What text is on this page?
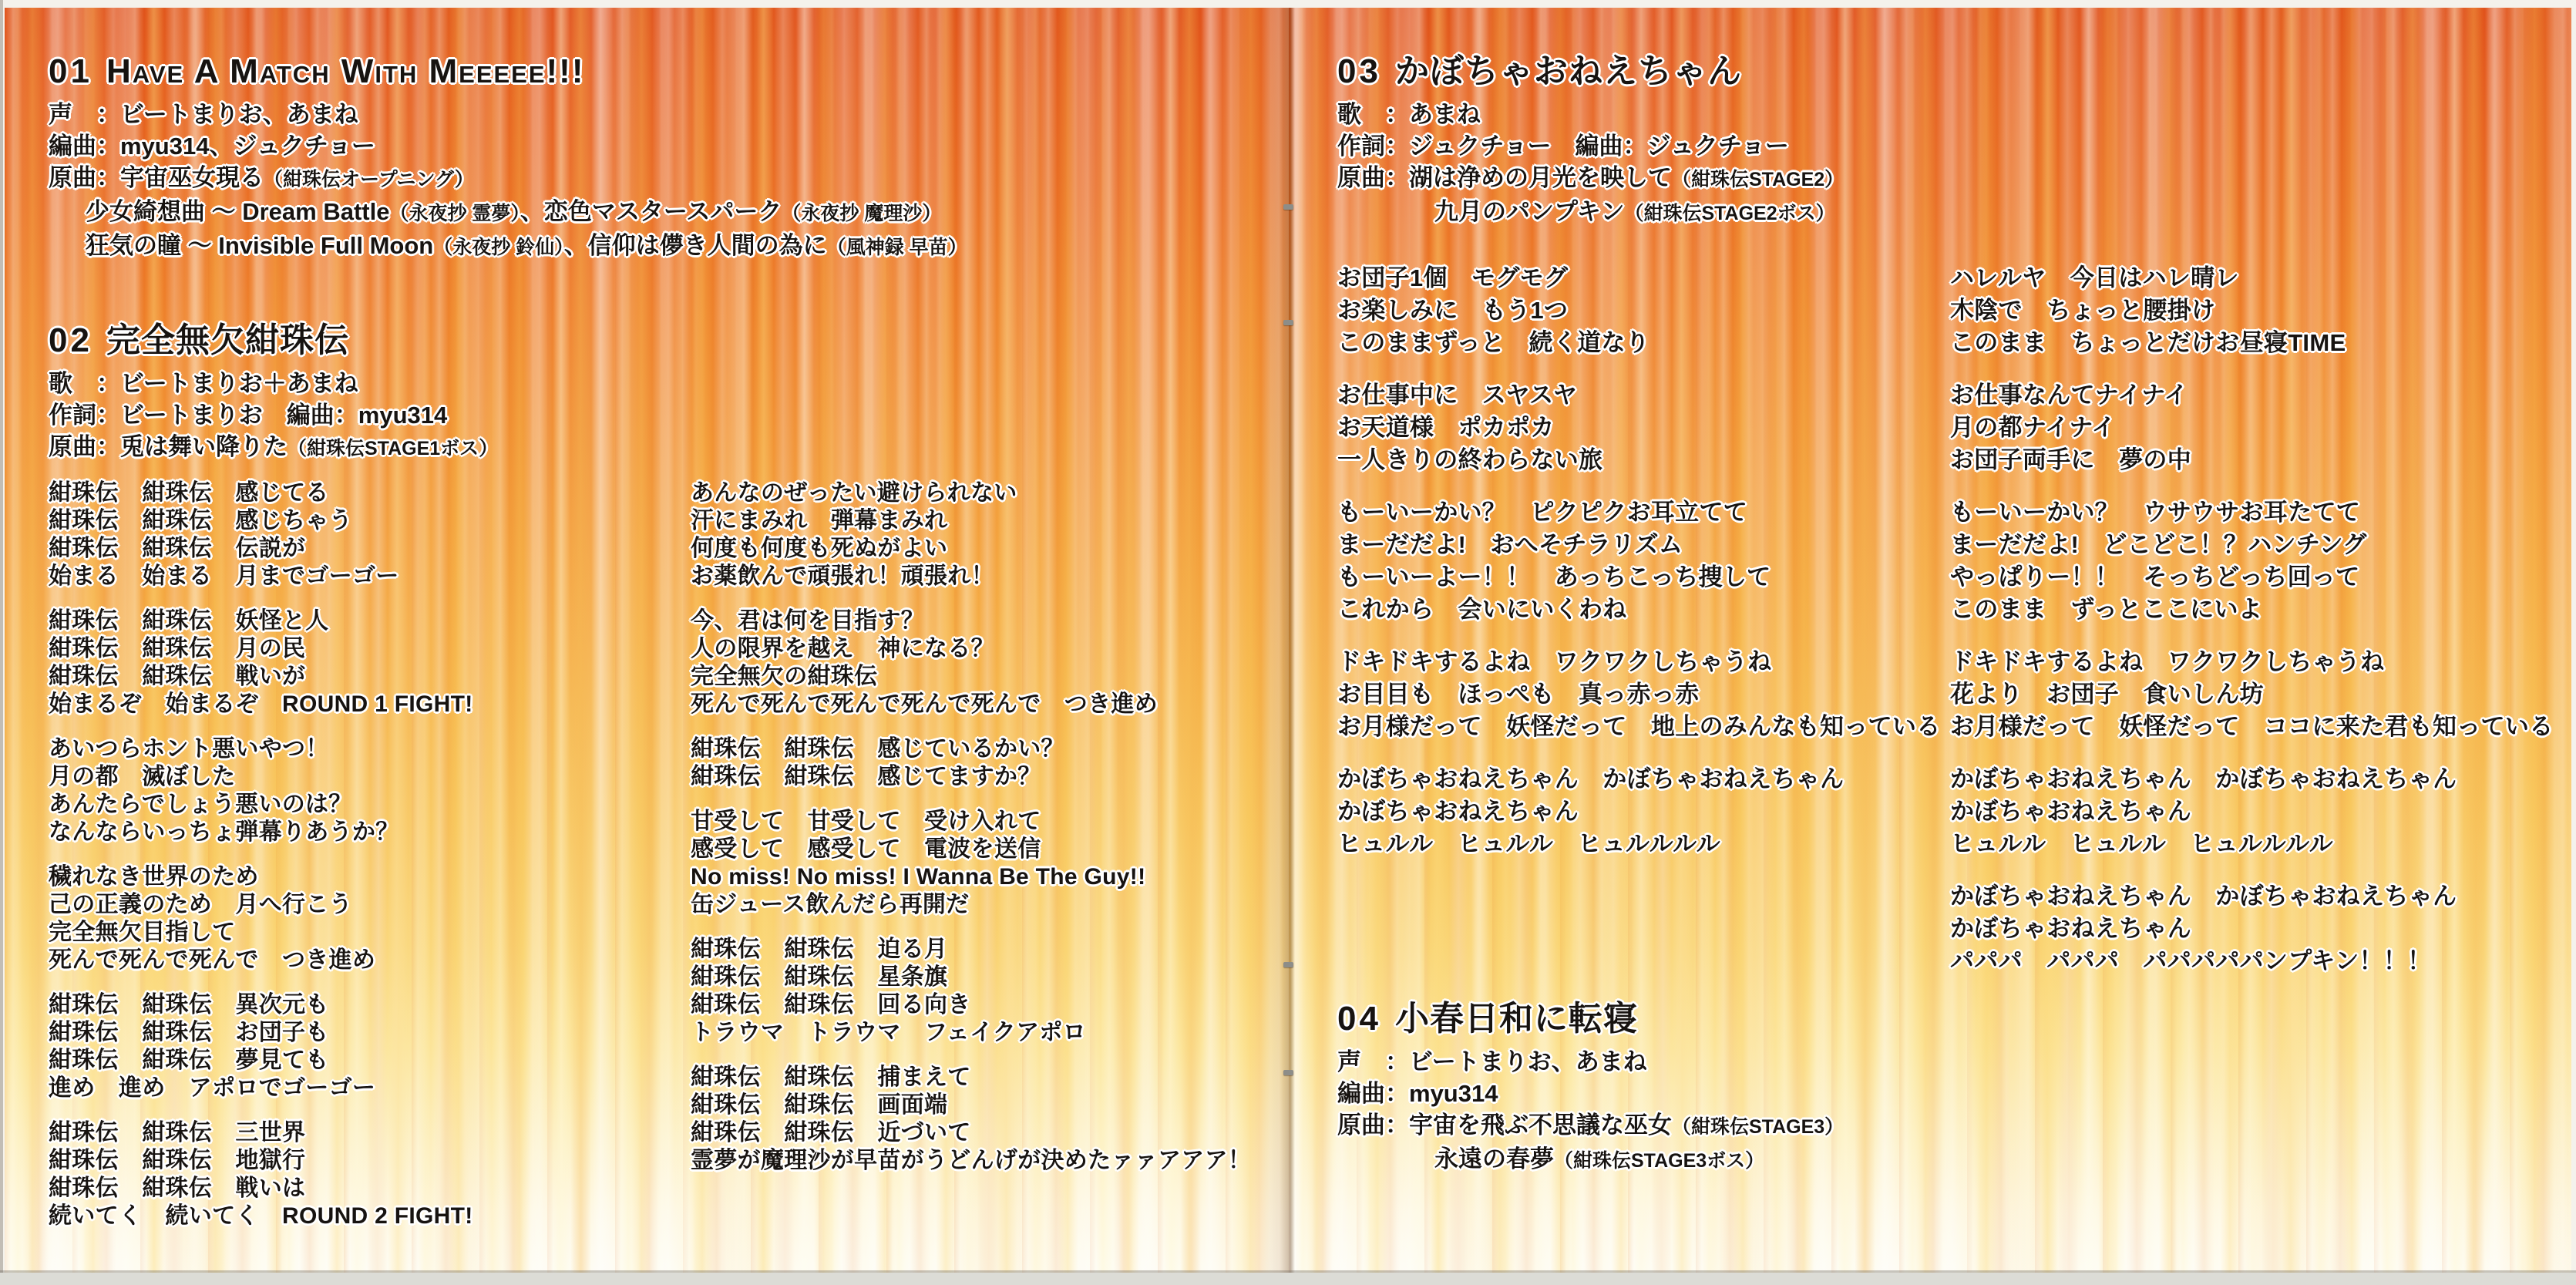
01 Have A Match With Meeeee!!!
声　：ビートまりお、あまね
編曲：myu314、ジュクチョー
原曲：宇宙巫女現る（紺珠伝オープニング）
少女綺想曲 ～ Dream Battle（永夜抄 霊夢）、恋色マスタースパーク（永夜抄 魔理沙）
狂気の瞳 ～ Invisible Full Moon（永夜抄 鈴仙）、信仰は儚き人間の為に（風神録 早苗）
02 完全無欠紺珠伝
歌　：ビートまりお＋あまね
作詞：ビートまりお　編曲：myu314
原曲：兎は舞い降りた（紺珠伝STAGE1ボス）
紺珠伝　紺珠伝　感じてる
紺珠伝　紺珠伝　感じちゃう
紺珠伝　紺珠伝　伝説が
始まる　始まる　月までゴーゴー
紺珠伝　紺珠伝　妖怪と人
紺珠伝　紺珠伝　月の民
紺珠伝　紺珠伝　戦いが
始まるぞ　始まるぞ　ROUND 1 FIGHT!
あいつらホント悪いやつ！
月の都　滅ぼした
あんたらでしょう悪いのは？
なんならいっちょ弾幕りあうか？
穢れなき世界のため
己の正義のため　月へ行こう
完全無欠目指して
死んで死んで死んで　つき進め
紺珠伝　紺珠伝　異次元も
紺珠伝　紺珠伝　お団子も
紺珠伝　紺珠伝　夢見ても
進め　進め　アポロでゴーゴー
紺珠伝　紺珠伝　三世界
紺珠伝　紺珠伝　地獄行
紺珠伝　紺珠伝　戦いは
続いてく　続いてく　ROUND 2 FIGHT!
あんなのぜったい避けられない
汗にまみれ　弾幕まみれ
何度も何度も死ぬがよい
お薬飲んで頑張れ！頑張れ！
今、君は何を目指す？
人の限界を越え　神になる？
完全無欠の紺珠伝
死んで死んで死んで死んで死んで　つき進め
紺珠伝　紺珠伝　感じているかい？
紺珠伝　紺珠伝　感じてますか？
甘受して　甘受して　受け入れて
感受して　感受して　電波を送信
No miss! No miss! I Wanna Be The Guy!!
缶ジュース飲んだら再開だ
紺珠伝　紺珠伝　迫る月
紺珠伝　紺珠伝　星条旗
紺珠伝　紺珠伝　回る向き
トラウマ　トラウマ　フェイクアポロ
紺珠伝　紺珠伝　捕まえて
紺珠伝　紺珠伝　画面端
紺珠伝　紺珠伝　近づいて
霊夢が魔理沙が早苗がうどんげが決めたァァアアア！
03 かぼちゃおねえちゃん
歌　：あまね
作詞：ジュクチョー　編曲：ジュクチョー
原曲：湖は浄めの月光を映して（紺珠伝STAGE2）
九月のパンプキン（紺珠伝STAGE2ボス）
お団子1個　モグモグ
お楽しみに　もう1つ
このままずっと　続く道なり
お仕事中に　スヤスヤ
お天道様　ポカポカ
一人きりの終わらない旅
もーいーかい？　ピクピクお耳立てて
まーだだよ!　おへそチラリズム
もーいーよー！！　あっちこっち捜して
これから　会いにいくわね
ドキドキするよね　ワクワクしちゃうね
お目目も　ほっぺも　真っ赤っ赤
お月様だって　妖怪だって　地上のみんなも知っている
かぼちゃおねえちゃん　かぼちゃおねえちゃん
かぼちゃおねえちゃん
ヒュルル　ヒュルル　ヒュルルルル
ハレルヤ　今日はハレ晴レ
木陰で　ちょっと腰掛け
このまま　ちょっとだけお昼寝TIME
お仕事なんてナイナイ
月の都ナイナイ
お団子両手に　夢の中
もーいーかい？　ウサウサお耳たてて
まーだだよ!　どこどこ！？ハンチング
やっぱりー！！　そっちどっち回って
このまま　ずっとここにいよ
ドキドキするよね　ワクワクしちゃうね
花より　お団子　食いしん坊
お月様だって　妖怪だって　ココに来た君も知っている
かぼちゃおねえちゃん　かぼちゃおねえちゃん
かぼちゃおねえちゃん
ヒュルル　ヒュルル　ヒュルルルル
かぼちゃおねえちゃん　かぼちゃおねえちゃん
かぼちゃおねえちゃん
パパパ　パパパ　パパパパパンプキン！！！
04 小春日和に転寝
声　：ビートまりお、あまね
編曲：myu314
原曲：宇宙を飛ぶ不思議な巫女（紺珠伝STAGE3）
永遠の春夢（紺珠伝STAGE3ボス）
